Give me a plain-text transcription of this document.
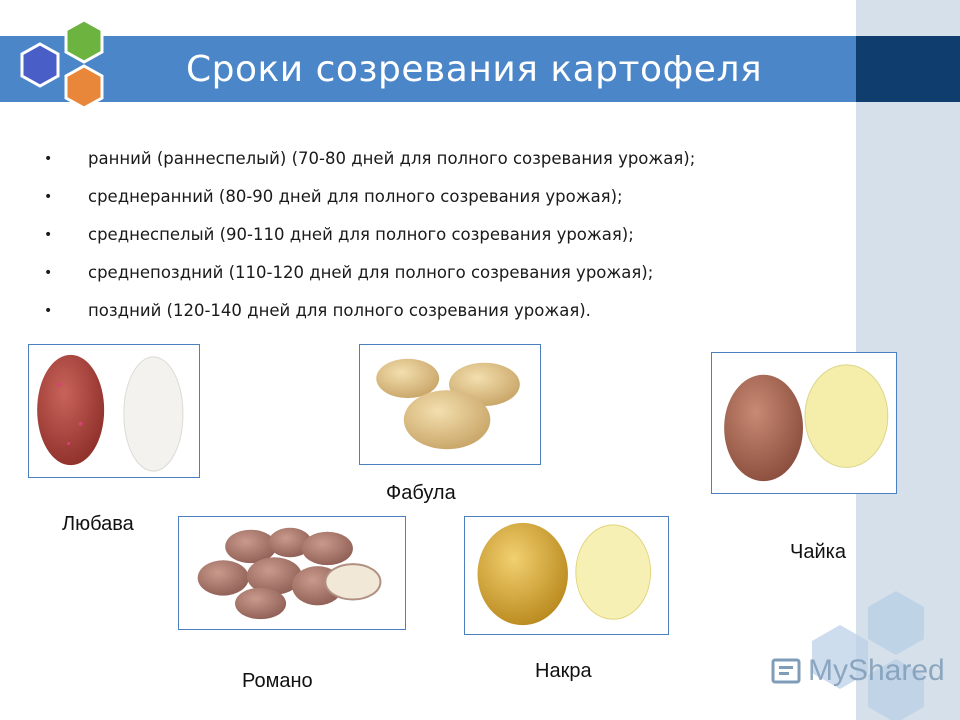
Сроки созревания картофеля
• ранний (раннеспелый) (70-80 дней для полного созревания урожая);
• среднеранний (80-90 дней для полного созревания урожая);
• среднеспелый (90-110 дней для полного созревания урожая);
• среднепоздний (110-120 дней для полного созревания урожая);
• поздний (120-140 дней для полного созревания урожая).
Фабула
Любава
Чайка
Накра
Романо	MyShared
